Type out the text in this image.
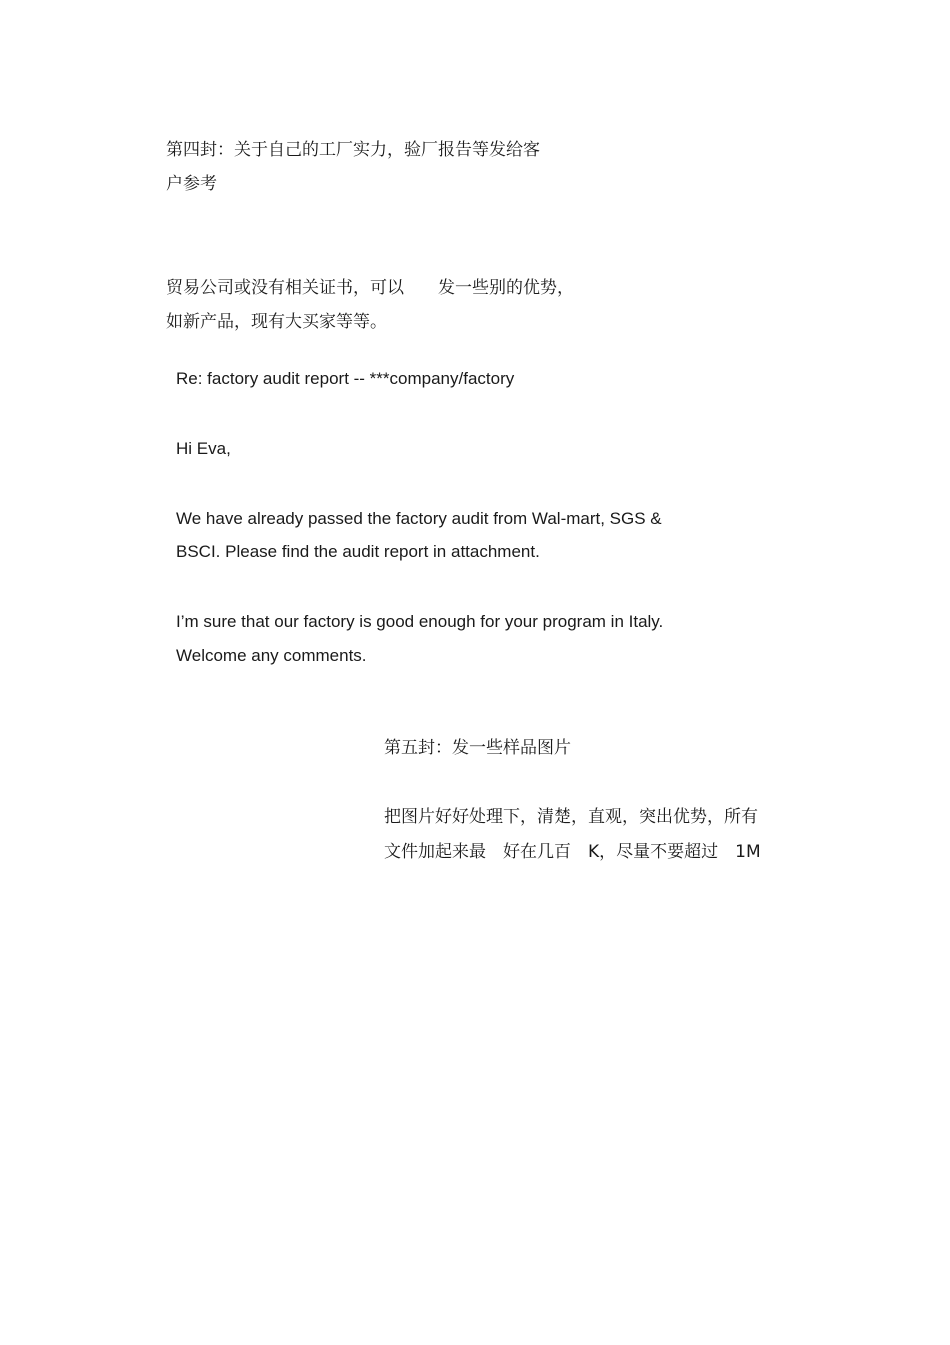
第四封：关于自己的工厂实力，验厂报告等发给客
户参考
贸易公司或没有相关证书，可以　　发一些别的优势，
如新产品，现有大买家等等。
Re: factory audit report -- ***company/factory
Hi Eva,
We have already passed the factory audit from Wal-mart, SGS &
BSCI. Please find the audit report in attachment.
I’m sure that our factory is good enough for your program in Italy.
Welcome any comments.
第五封：发一些样品图片
把图片好好处理下，清楚，直观，突出优势，所有
文件加起来最　好在几百　K，尽量不要超过　1M
